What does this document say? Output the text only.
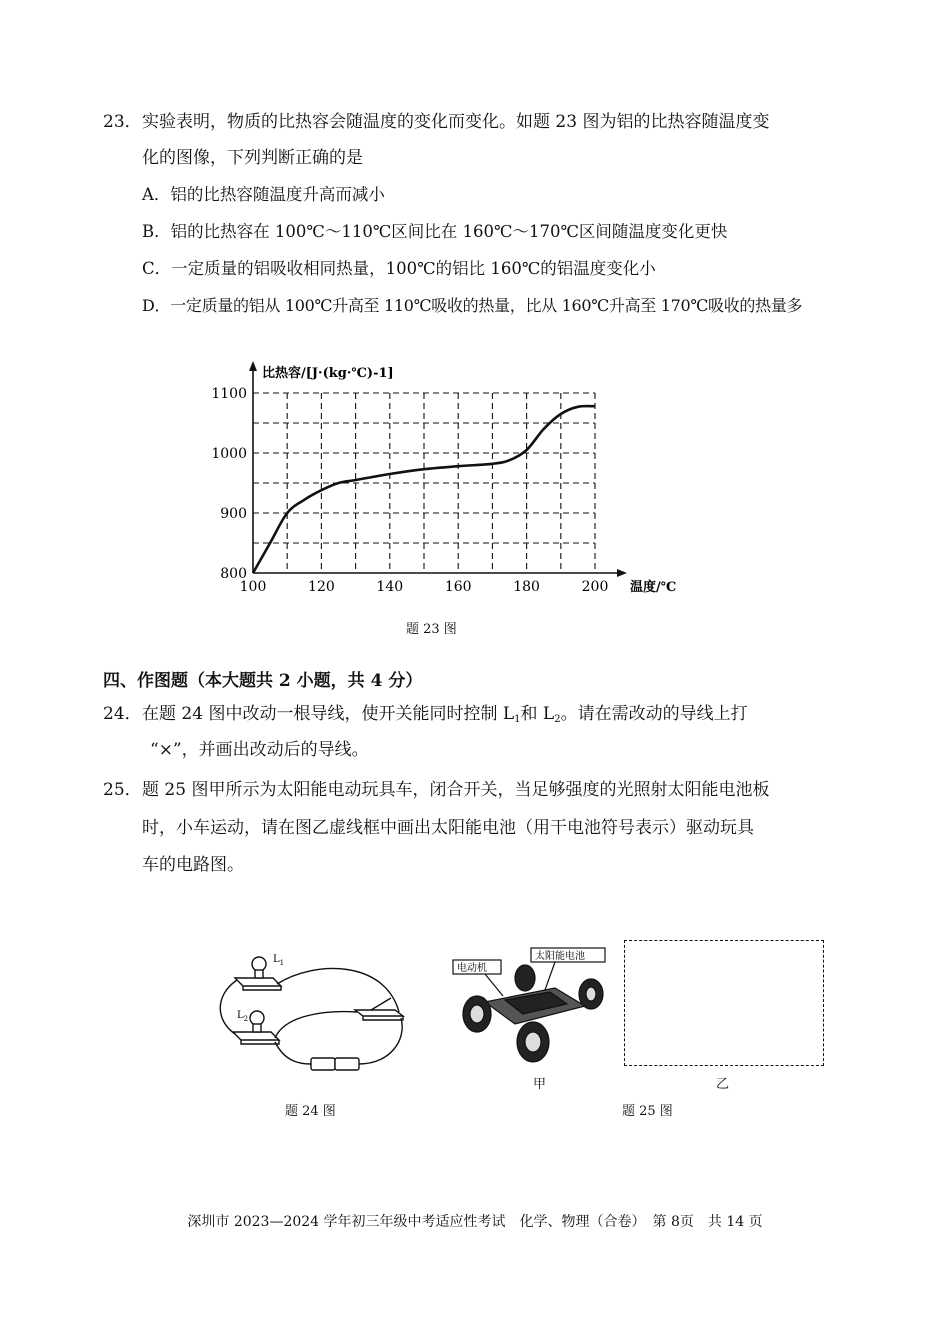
23． 实验表明，物质的比热容会随温度的变化而变化。如题 23 图为铝的比热容随温度变
化的图像，下列判断正确的是
A．铝的比热容随温度升高而减小
B．铝的比热容在 100℃～110℃区间比在 160℃～170℃区间随温度变化更快
C．一定质量的铝吸收相同热量，100℃的铝比 160℃的铝温度变化小
D．一定质量的铝从 100℃升高至 110℃吸收的热量，比从 160℃升高至 170℃吸收的热量多
800
900
1000
1100
100	120	140	160	180	200
比热容/[J·(kg·℃)-1]
温度/℃
题 23 图
四、作图题（本大题共 2 小题，共 4 分）
24． 在题 24 图中改动一根导线，使开关能同时控制 $L_1$和 $L_2$。请在需改动的导线上打
“×”，并画出改动后的导线。
25． 题 25 图甲所示为太阳能电动玩具车，闭合开关，当足够强度的光照射太阳能电池板
时，小车运动，请在图乙虚线框中画出太阳能电池（用干电池符号表示）驱动玩具
车的电路图。
$L_1$
$L_2$
题 24 图
电动机
太阳能电池
甲	乙
题 25 图
深圳市 2023—2024 学年初三年级中考适应性考试　化学、物理（合卷）　第 8页　共 14 页
